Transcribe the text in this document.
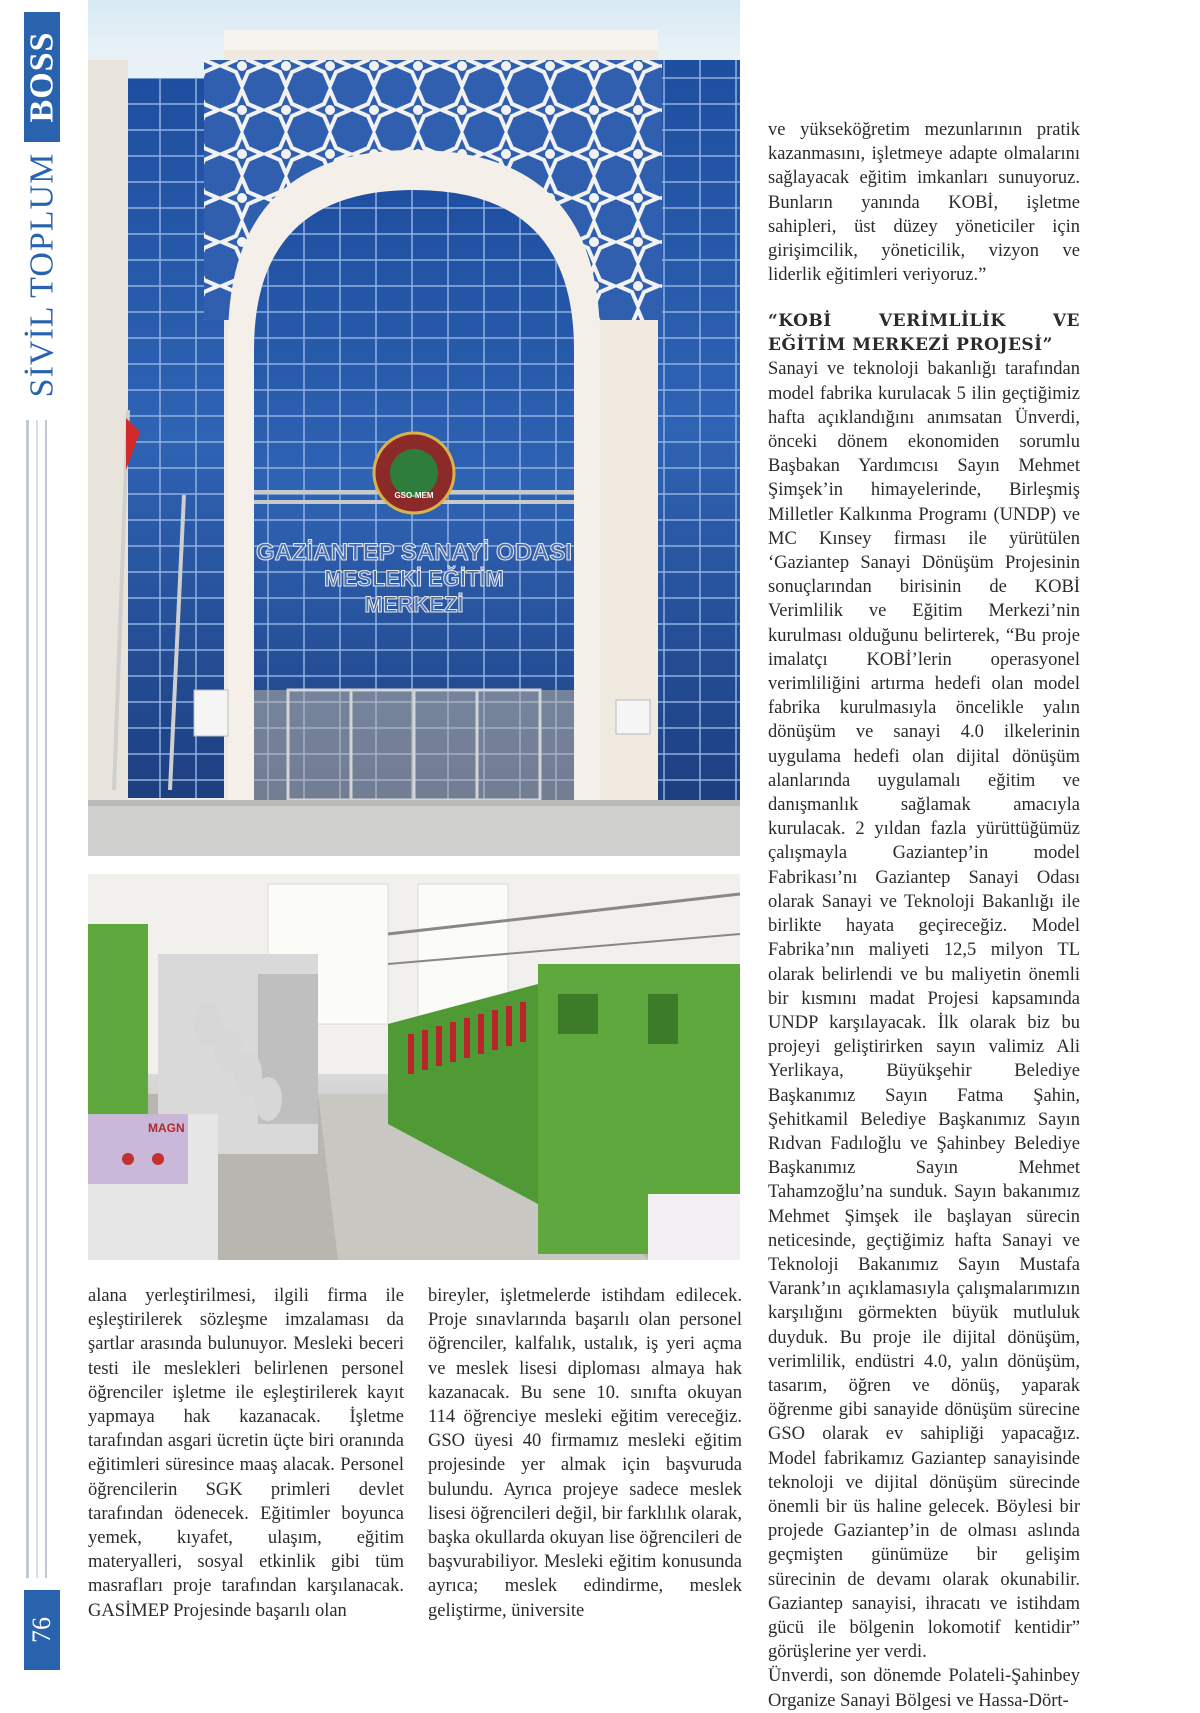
BOSS
SİVİL TOPLUM
76
GAZİANTEP SANAYİ ODASI
MESLEKİ EĞİTİM
MERKEZİ
GSO-MEM
MAGN

alana yerleştirilmesi, ilgili firma ile eşleştirilerek sözleşme imzalaması da şartlar arasında bulunuyor. Mesleki beceri testi ile meslekleri belirlenen personel öğrenciler işletme ile eşleştirilerek kayıt yapmaya hak kazanacak. İşletme tarafından asgari ücretin üçte biri oranında eğitimleri süresince maaş alacak. Personel öğrencilerin SGK primleri devlet tarafından ödenecek. Eğitimler boyunca yemek, kıyafet, ulaşım, eğitim materyalleri, sosyal etkinlik gibi tüm masrafları proje tarafından karşılanacak. GASİMEP Projesinde başarılı olan

bireyler, işletmelerde istihdam edilecek. Proje sınavlarında başarılı olan personel öğrenciler, kalfalık, ustalık, iş yeri açma ve meslek lisesi diploması almaya hak kazanacak. Bu sene 10. sınıfta okuyan 114 öğrenciye mesleki eğitim vereceğiz. GSO üyesi 40 firmamız mesleki eğitim projesinde yer almak için başvuruda bulundu. Ayrıca projeye sadece meslek lisesi öğrencileri değil, bir farklılık olarak, başka okullarda okuyan lise öğrencileri de başvurabiliyor. Mesleki eğitim konusunda ayrıca; meslek edindirme, meslek geliştirme, üniversite

ve yükseköğretim mezunlarının pratik kazanmasını, işletmeye adapte olmalarını sağlayacak eğitim imkanları sunuyoruz. Bunların yanında KOBİ, işletme sahipleri, üst düzey yöneticiler için girişimcilik, yöneticilik, vizyon ve liderlik eğitimleri veriyoruz.”

“KOBİ VERİMLİLİK VE EĞİTİM MERKEZİ PROJESİ”

Sanayi ve teknoloji bakanlığı tarafından model fabrika kurulacak 5 ilin geçtiğimiz hafta açıklandığını anımsatan Ünverdi, önceki dönem ekonomiden sorumlu Başbakan Yardımcısı Sayın Mehmet Şimşek’in himayelerinde, Birleşmiş Milletler Kalkınma Programı (UNDP) ve MC Kınsey firması ile yürütülen ‘Gaziantep Sanayi Dönüşüm Projesinin sonuçlarından birisinin de KOBİ Verimlilik ve Eğitim Merkezi’nin kurulması olduğunu belirterek, “Bu proje imalatçı KOBİ’lerin operasyonel verimliliğini artırma hedefi olan model fabrika kurulmasıyla öncelikle yalın dönüşüm ve sanayi 4.0 ilkelerinin uygulama hedefi olan dijital dönüşüm alanlarında uygulamalı eğitim ve danışmanlık sağlamak amacıyla kurulacak. 2 yıldan fazla yürüttüğümüz çalışmayla Gaziantep’in model Fabrikası’nı Gaziantep Sanayi Odası olarak Sanayi ve Teknoloji Bakanlığı ile birlikte hayata geçireceğiz. Model Fabrika’nın maliyeti 12,5 milyon TL olarak belirlendi ve bu maliyetin önemli bir kısmını madat Projesi kapsamında UNDP karşılayacak. İlk olarak biz bu projeyi geliştirirken sayın valimiz Ali Yerlikaya, Büyükşehir Belediye Başkanımız Sayın Fatma Şahin, Şehitkamil Belediye Başkanımız Sayın Rıdvan Fadıloğlu ve Şahinbey Belediye Başkanımız Sayın Mehmet Tahamzoğlu’na sunduk. Sayın bakanımız Mehmet Şimşek ile başlayan sürecin neticesinde, geçtiğimiz hafta Sanayi ve Teknoloji Bakanımız Sayın Mustafa Varank’ın açıklamasıyla çalışmalarımızın karşılığını görmekten büyük mutluluk duyduk. Bu proje ile dijital dönüşüm, verimlilik, endüstri 4.0, yalın dönüşüm, tasarım, öğren ve dönüş, yaparak öğrenme gibi sanayide dönüşüm sürecine GSO olarak ev sahipliği yapacağız. Model fabrikamız Gaziantep sanayisinde teknoloji ve dijital dönüşüm sürecinde önemli bir üs haline gelecek. Böylesi bir projede Gaziantep’in de olması aslında geçmişten günümüze bir gelişim sürecinin de devamı olarak okunabilir. Gaziantep sanayisi, ihracatı ve istihdam gücü ile bölgenin lokomotif kentidir” görüşlerine yer verdi.

Ünverdi, son dönemde Polateli-Şahinbey Organize Sanayi Bölgesi ve Hassa-Dört-
